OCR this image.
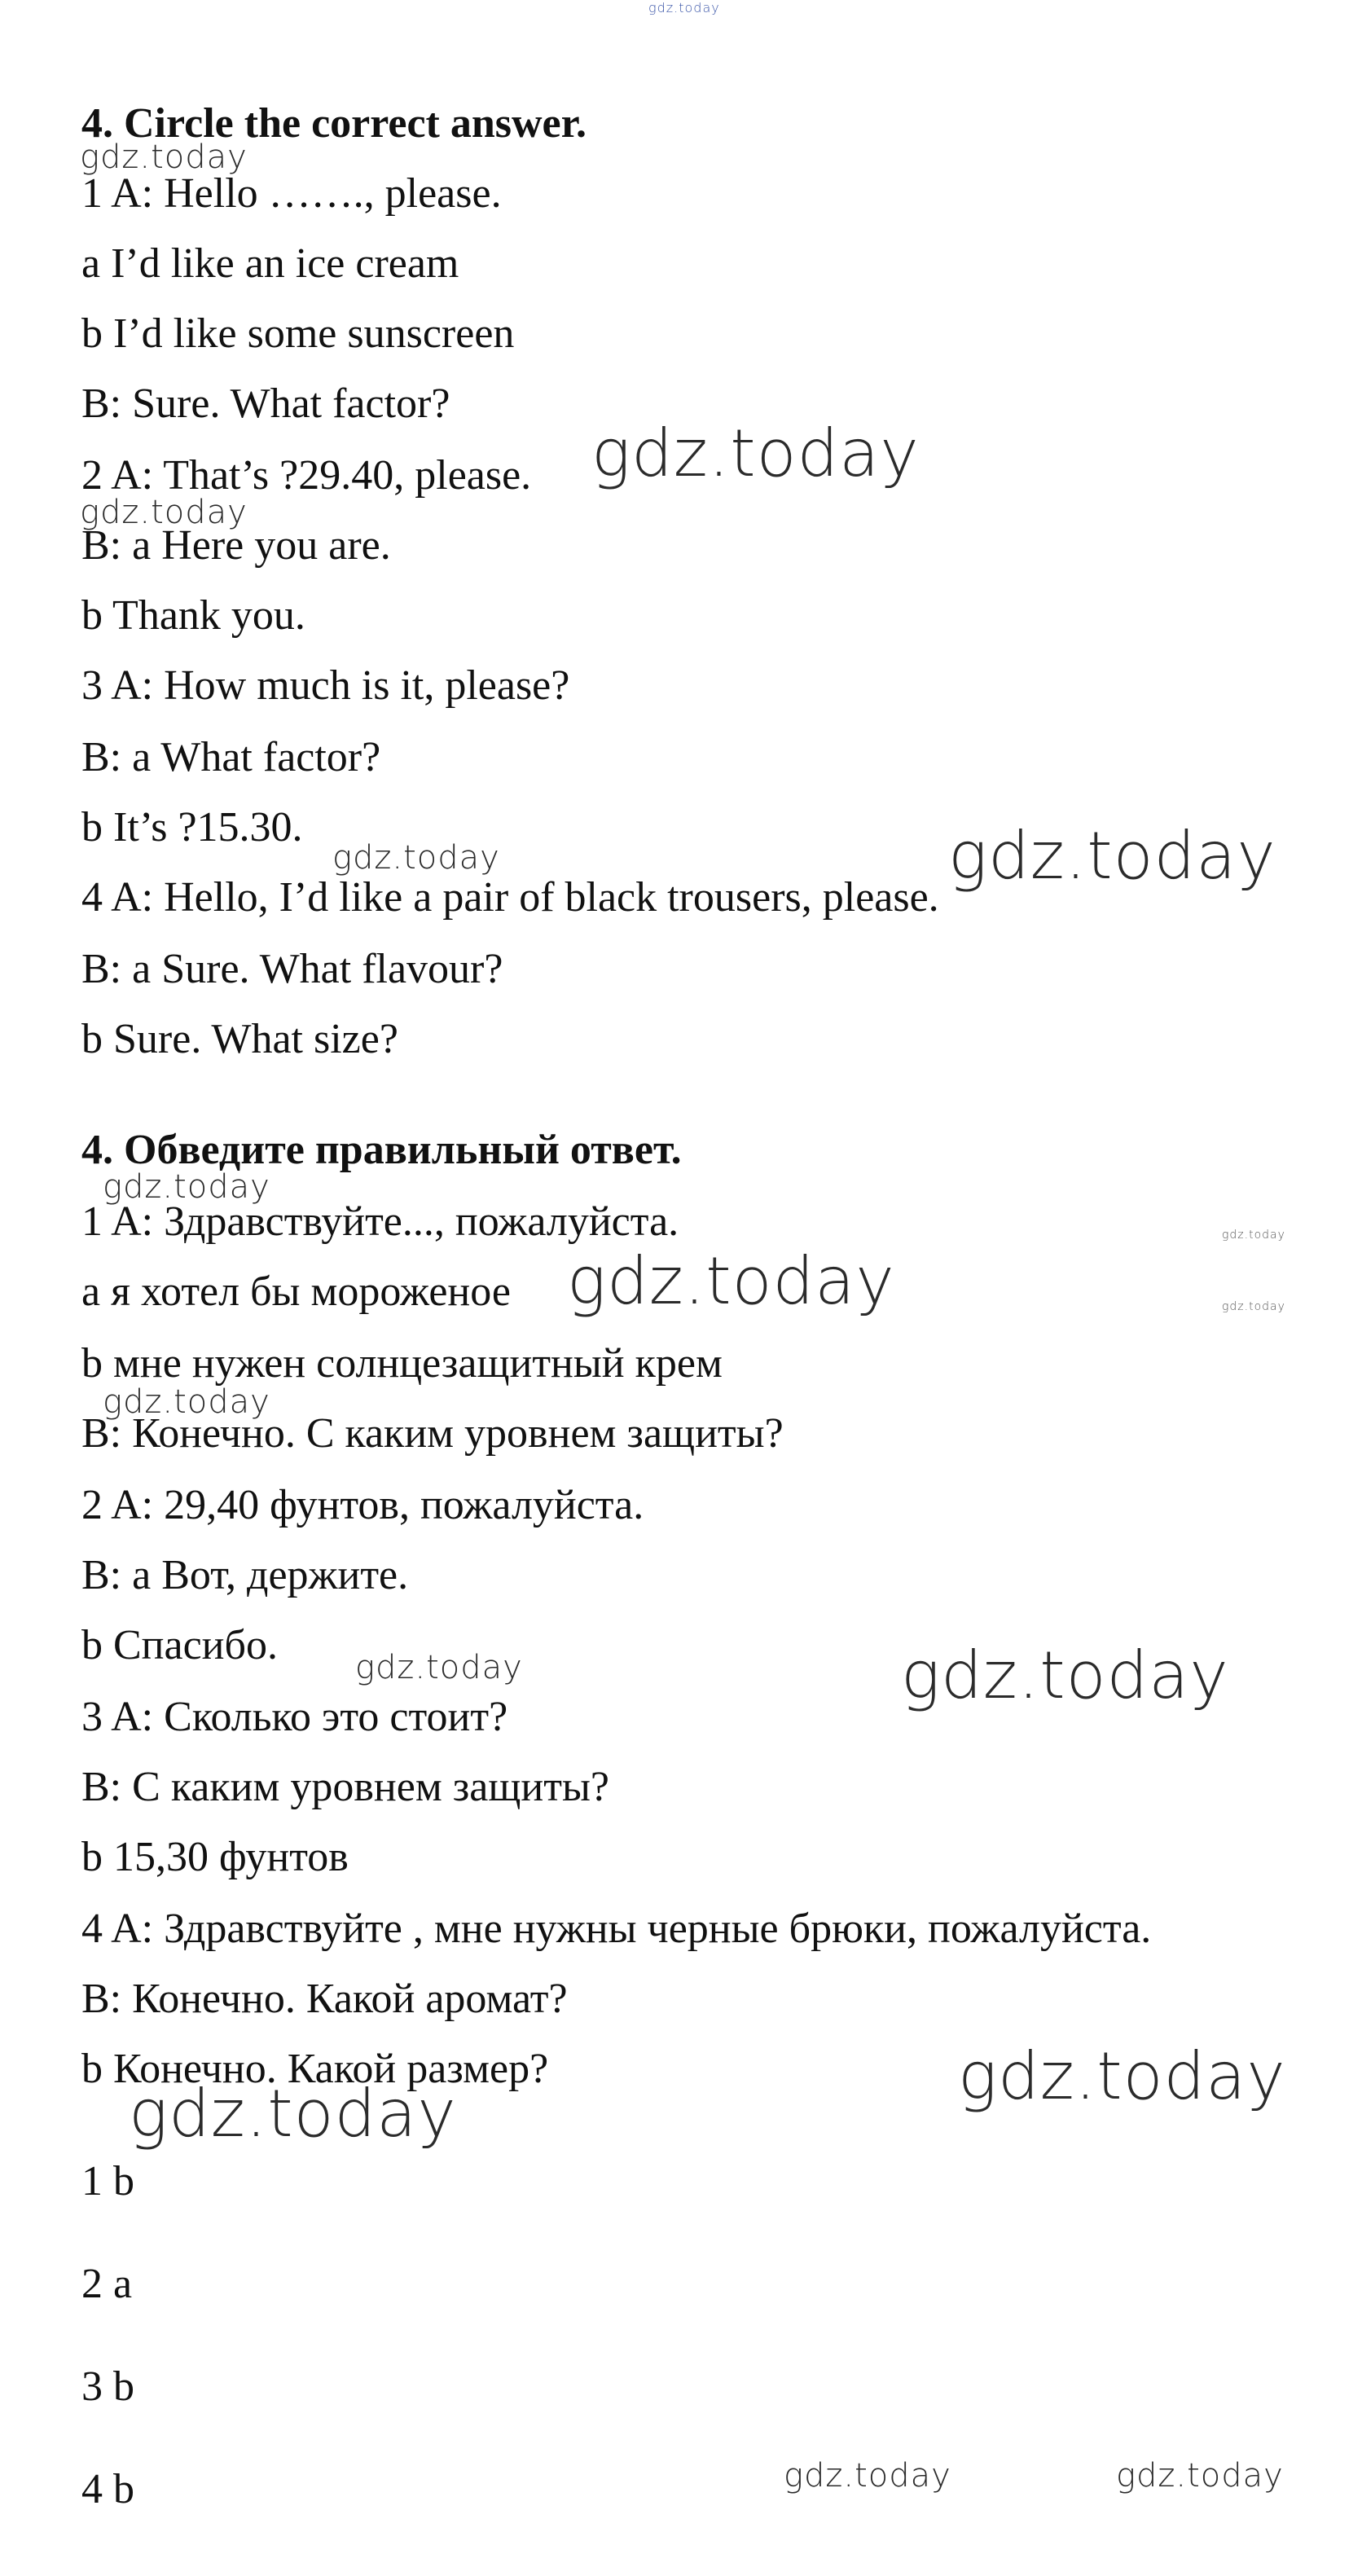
4. Circle the correct answer.
1 A: Hello ……., please.
a I’d like an ice cream
b I’d like some sunscreen
B: Sure. What factor?
2 A: That’s ?29.40, please.
B: a Here you are.
b Thank you.
3 A: How much is it, please?
B: a What factor?
b It’s ?15.30.
4 A: Hello, I’d like a pair of black trousers, please.
B: a Sure. What flavour?
b Sure. What size?
4. Обведите правильный ответ.
1 A: Здравствуйте..., пожалуйста.
a я хотел бы мороженое
b мне нужен солнцезащитный крем
B: Конечно. С каким уровнем защиты?
2 A: 29,40 фунтов, пожалуйста.
B: a Вот, держите.
b Спасибо.
3 A: Сколько это стоит?
B: С каким уровнем защиты?
b 15,30 фунтов
4 A: Здравствуйте , мне нужны черные брюки, пожалуйста.
B: Конечно. Какой аромат?
b Конечно. Какой размер?
1 b
2 a
3 b
4 b
gdz.today
gdz.today
gdz.today
gdz.today
gdz.today	gdz.today
gdz.today
gdz.today
gdz.today	gdz.today
gdz.today
gdz.today	gdz.today
gdz.today
gdz.today
gdz.today	gdz.today
